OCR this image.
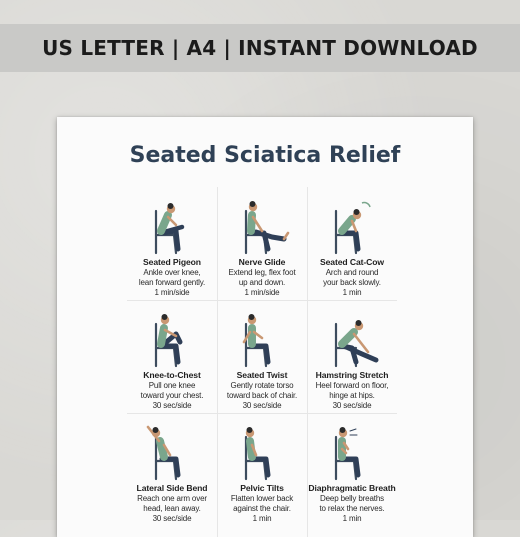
US LETTER | A4 | INSTANT DOWNLOAD
Seated Sciatica Relief
Seated Pigeon
Ankle over knee,
lean forward gently.
1 min/side
Nerve Glide
Extend leg, flex foot
up and down.
1 min/side
Seated Cat-Cow
Arch and round
your back slowly.
1 min
Knee-to-Chest
Pull one knee
toward your chest.
30 sec/side
Seated Twist
Gently rotate torso
toward back of chair.
30 sec/side
Hamstring Stretch
Heel forward on floor,
hinge at hips.
30 sec/side
Lateral Side Bend
Reach one arm over
head, lean away.
30 sec/side
Pelvic Tilts
Flatten lower back
against the chair.
1 min
Diaphragmatic Breath
Deep belly breaths
to relax the nerves.
1 min
